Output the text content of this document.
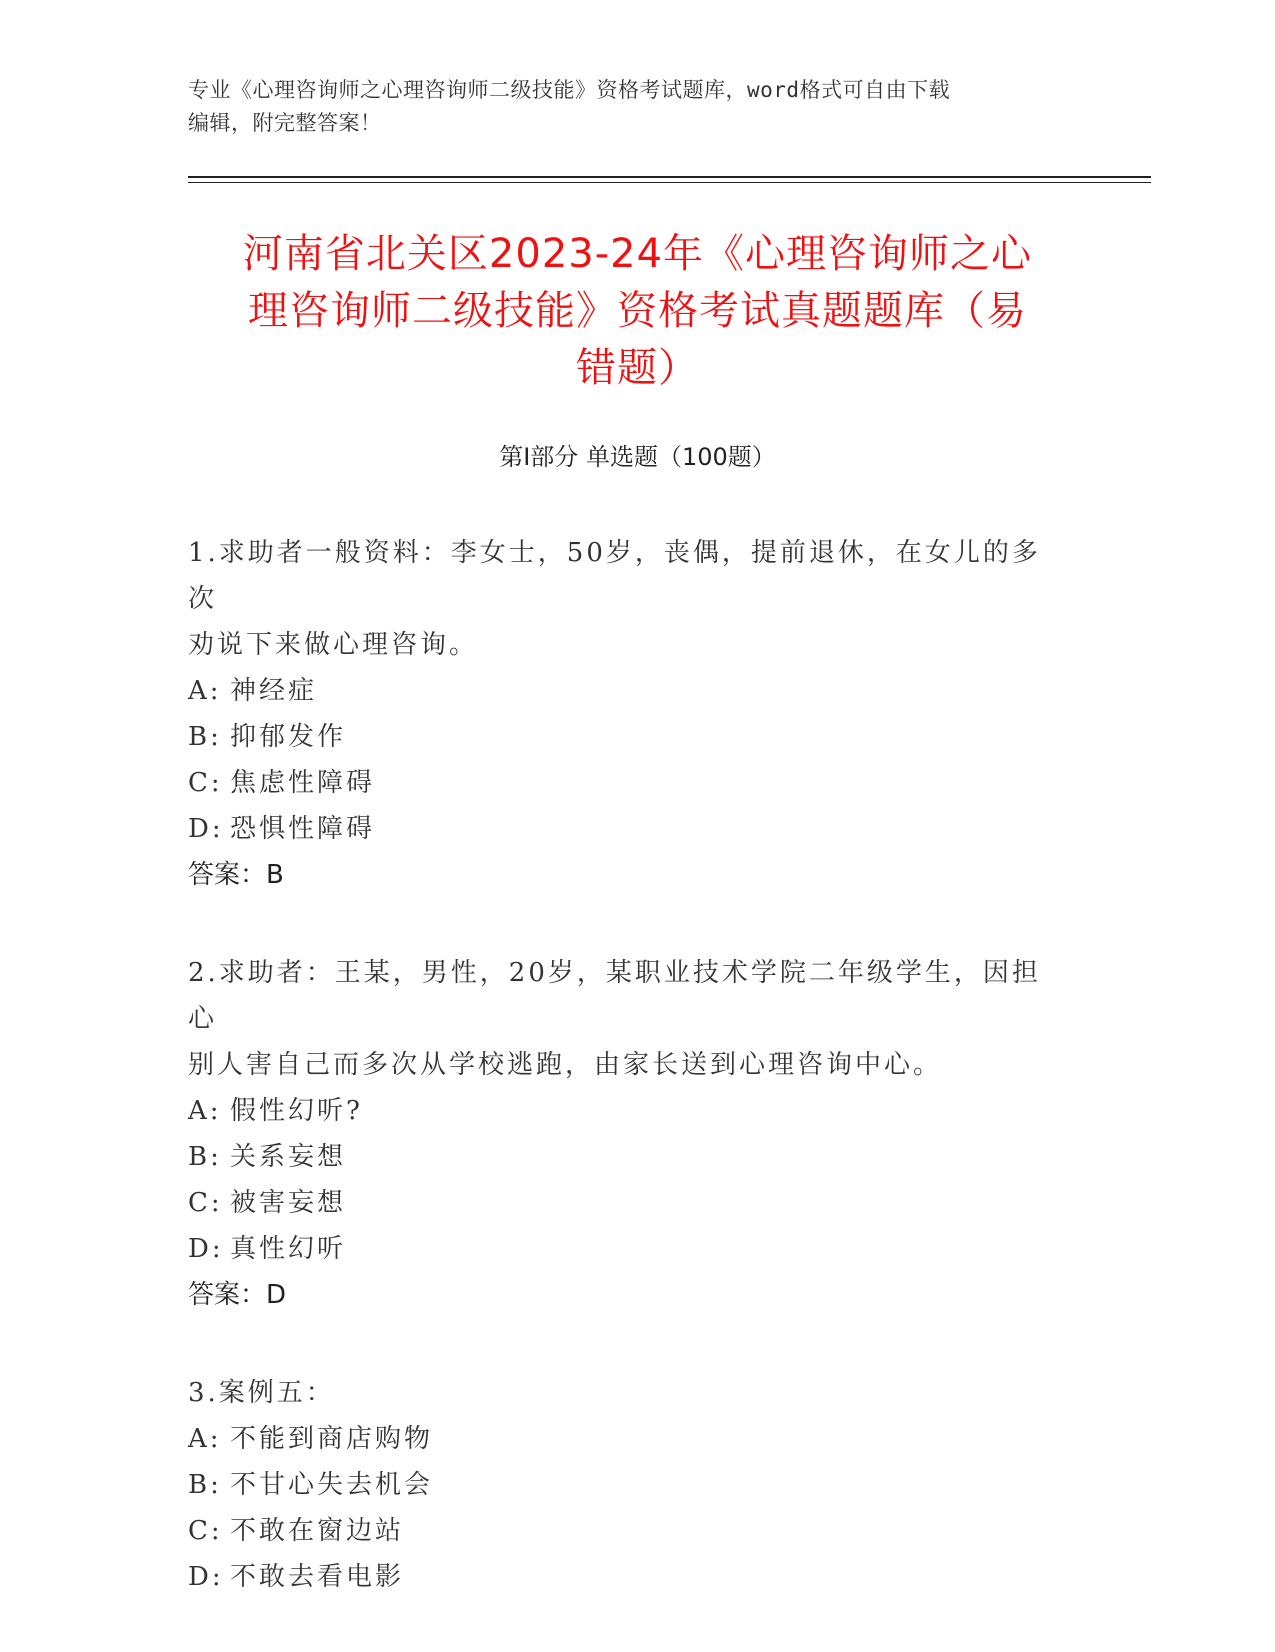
专业《心理咨询师之心理咨询师二级技能》资格考试题库，word格式可自由下载
编辑，附完整答案！
河南省北关区2023-24年《心理咨询师之心
理咨询师二级技能》资格考试真题题库（易
错题）
第Ⅰ部分 单选题（100题）
1.求助者一般资料：李女士，50岁，丧偶，提前退休，在女儿的多次
劝说下来做心理咨询。
A: 神经症
B: 抑郁发作
C: 焦虑性障碍
D: 恐惧性障碍
答案：B
2.求助者：王某，男性，20岁，某职业技术学院二年级学生，因担心
别人害自己而多次从学校逃跑，由家长送到心理咨询中心。
A: 假性幻听?
B: 关系妄想
C: 被害妄想
D: 真性幻听
答案：D
3.案例五：
A: 不能到商店购物
B: 不甘心失去机会
C: 不敢在窗边站
D: 不敢去看电影
